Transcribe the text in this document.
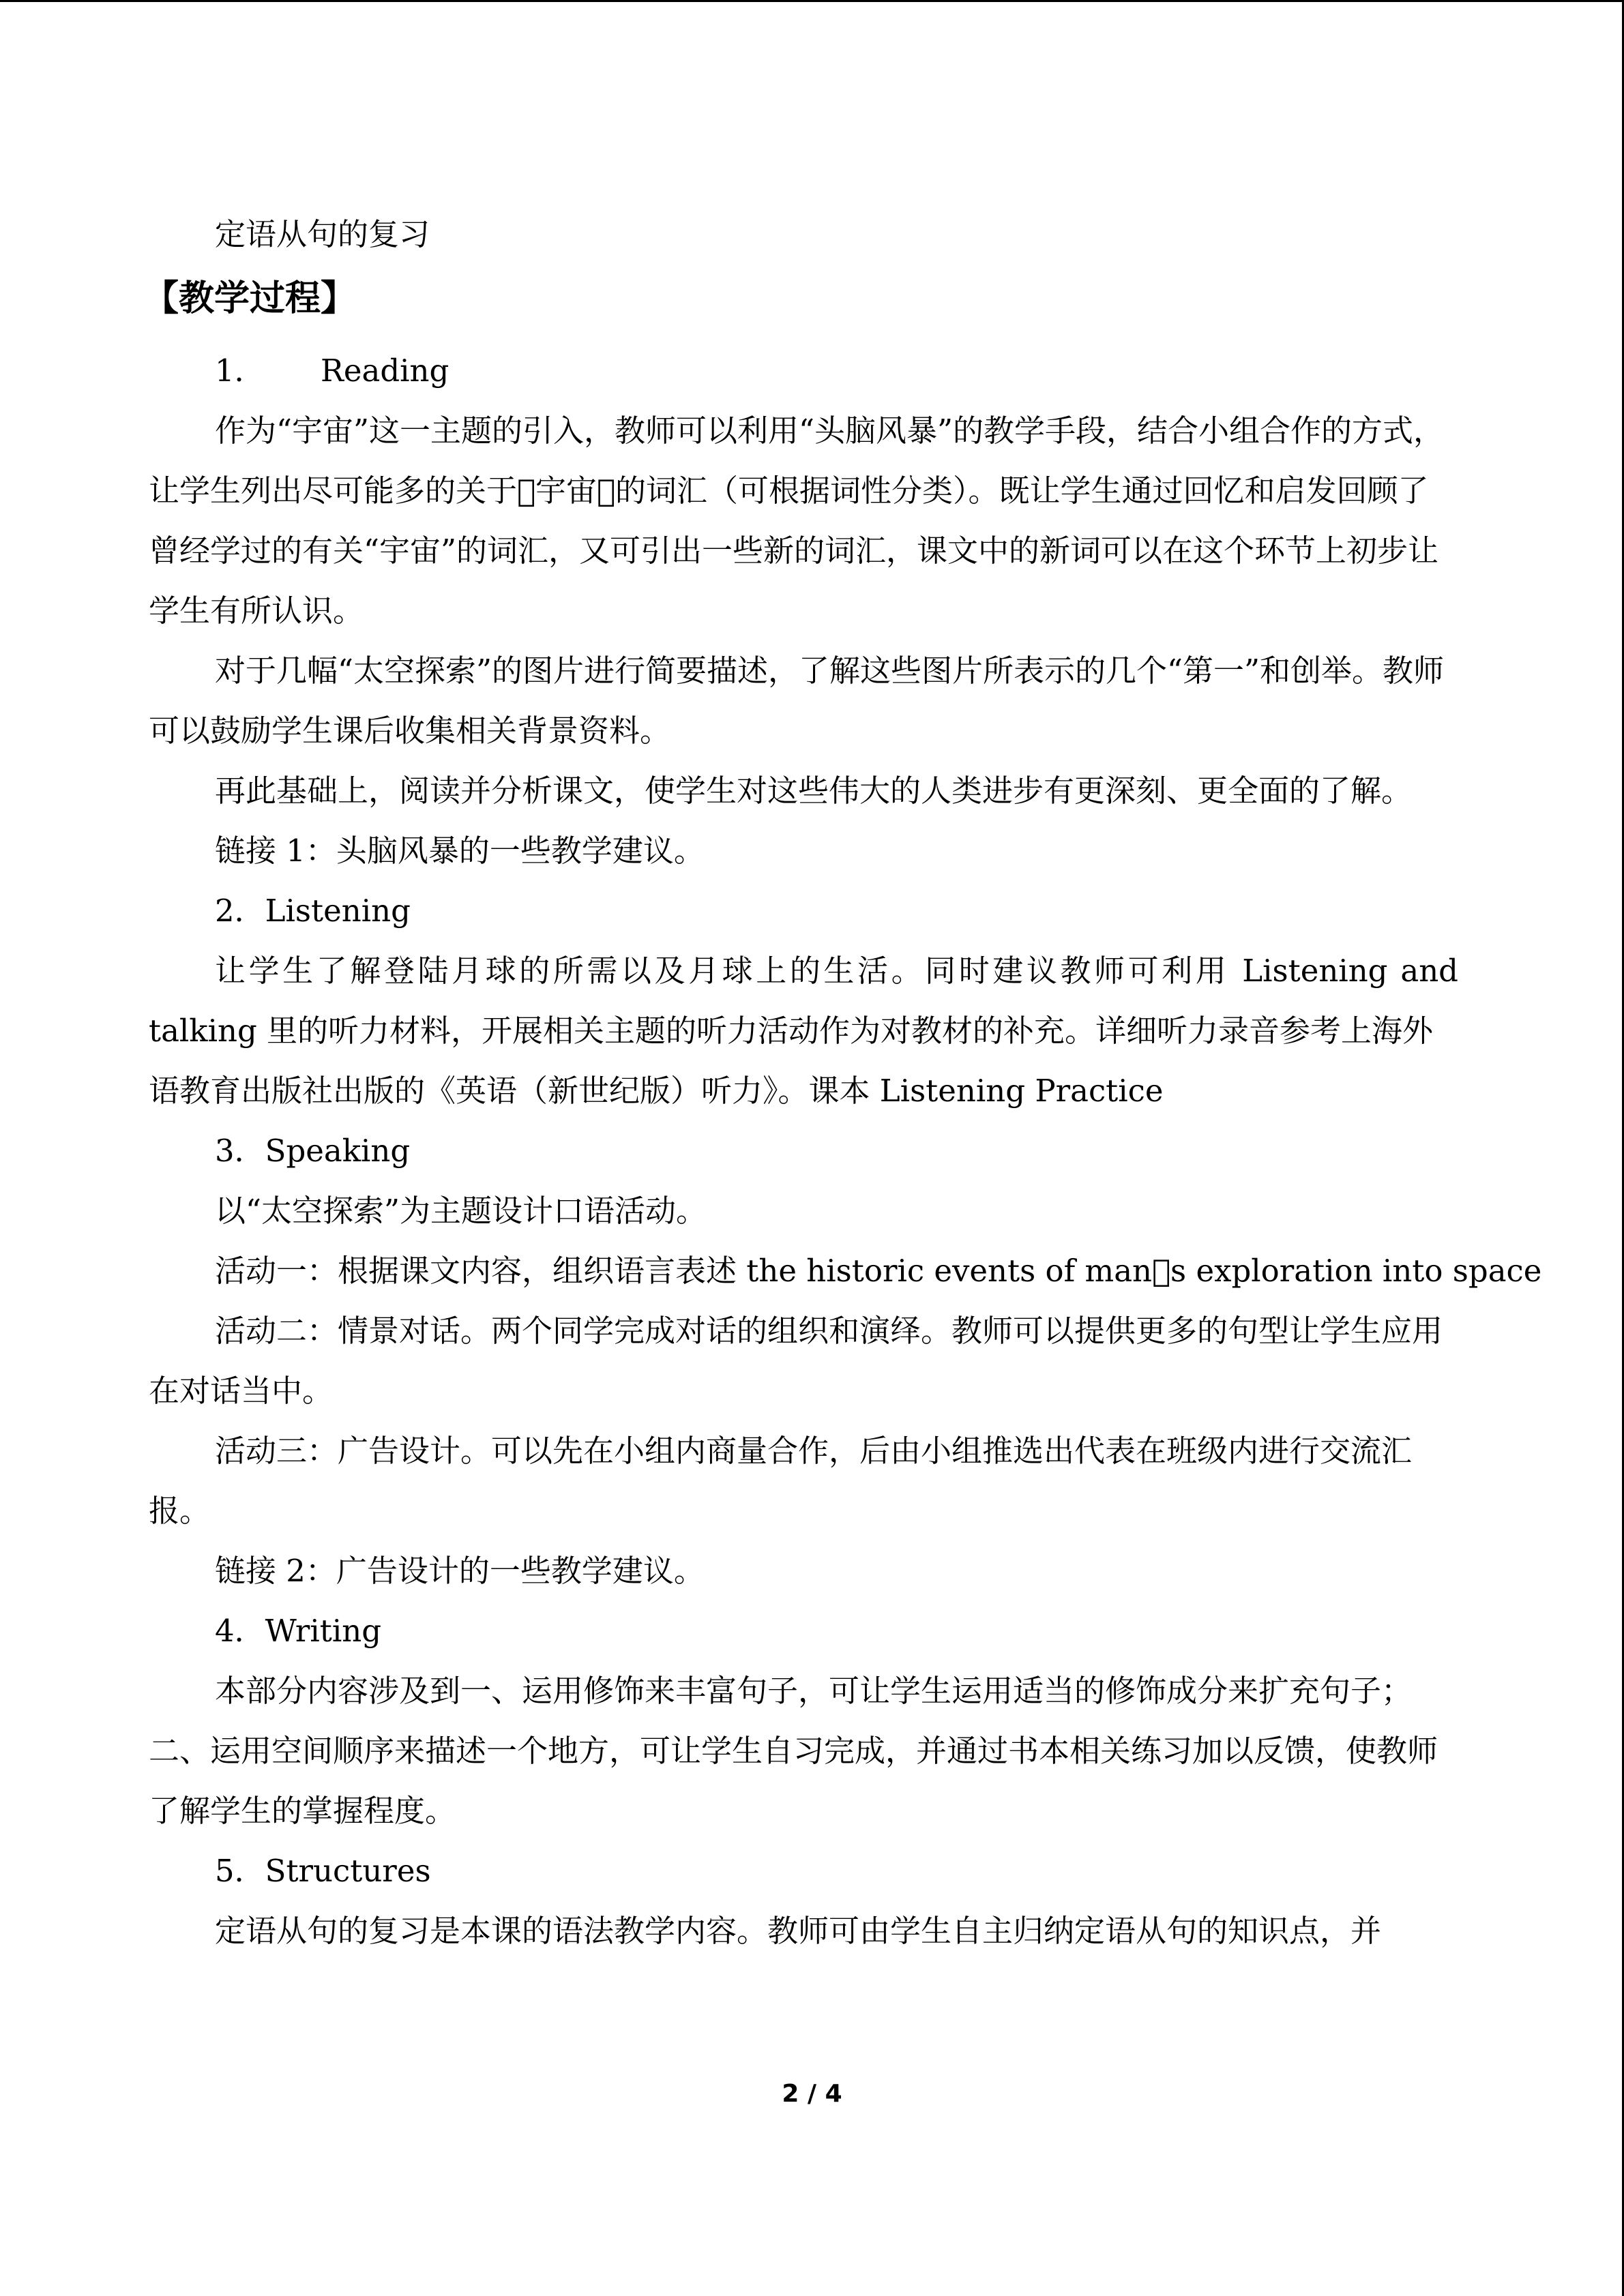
定语从句的复习

【教学过程】

1． Reading

作为“宇宙”这一主题的引入，教师可以利用“头脑风暴”的教学手段，结合小组合作的方式，让学生列出尽可能多的关于 宇宙 的词汇（可根据词性分类）。既让学生通过回忆和启发回顾了曾经学过的有关“宇宙”的词汇，又可引出一些新的词汇，课文中的新词可以在这个环节上初步让学生有所认识。

对于几幅“太空探索”的图片进行简要描述，了解这些图片所表示的几个“第一”和创举。教师可以鼓励学生课后收集相关背景资料。

再此基础上，阅读并分析课文，使学生对这些伟大的人类进步有更深刻、更全面的了解。

链接 1：头脑风暴的一些教学建议。

2．Listening

让学生了解登陆月球的所需以及月球上的生活。同时建议教师可利用 Listening and

talking 里的听力材料，开展相关主题的听力活动作为对教材的补充。详细听力录音参考上海外语教育出版社出版的《英语（新世纪版）听力》。课本 Listening Practice

3．Speaking

以“太空探索”为主题设计口语活动。

活动一：根据课文内容，组织语言表述 the historic events of man s exploration into space

活动二：情景对话。两个同学完成对话的组织和演绎。教师可以提供更多的句型让学生应用在对话当中。

活动三：广告设计。可以先在小组内商量合作，后由小组推选出代表在班级内进行交流汇报。

链接 2：广告设计的一些教学建议。

4．Writing

本部分内容涉及到一、运用修饰来丰富句子，可让学生运用适当的修饰成分来扩充句子；二、运用空间顺序来描述一个地方，可让学生自习完成，并通过书本相关练习加以反馈，使教师了解学生的掌握程度。

5．Structures

定语从句的复习是本课的语法教学内容。教师可由学生自主归纳定语从句的知识点，并

2 / 4
